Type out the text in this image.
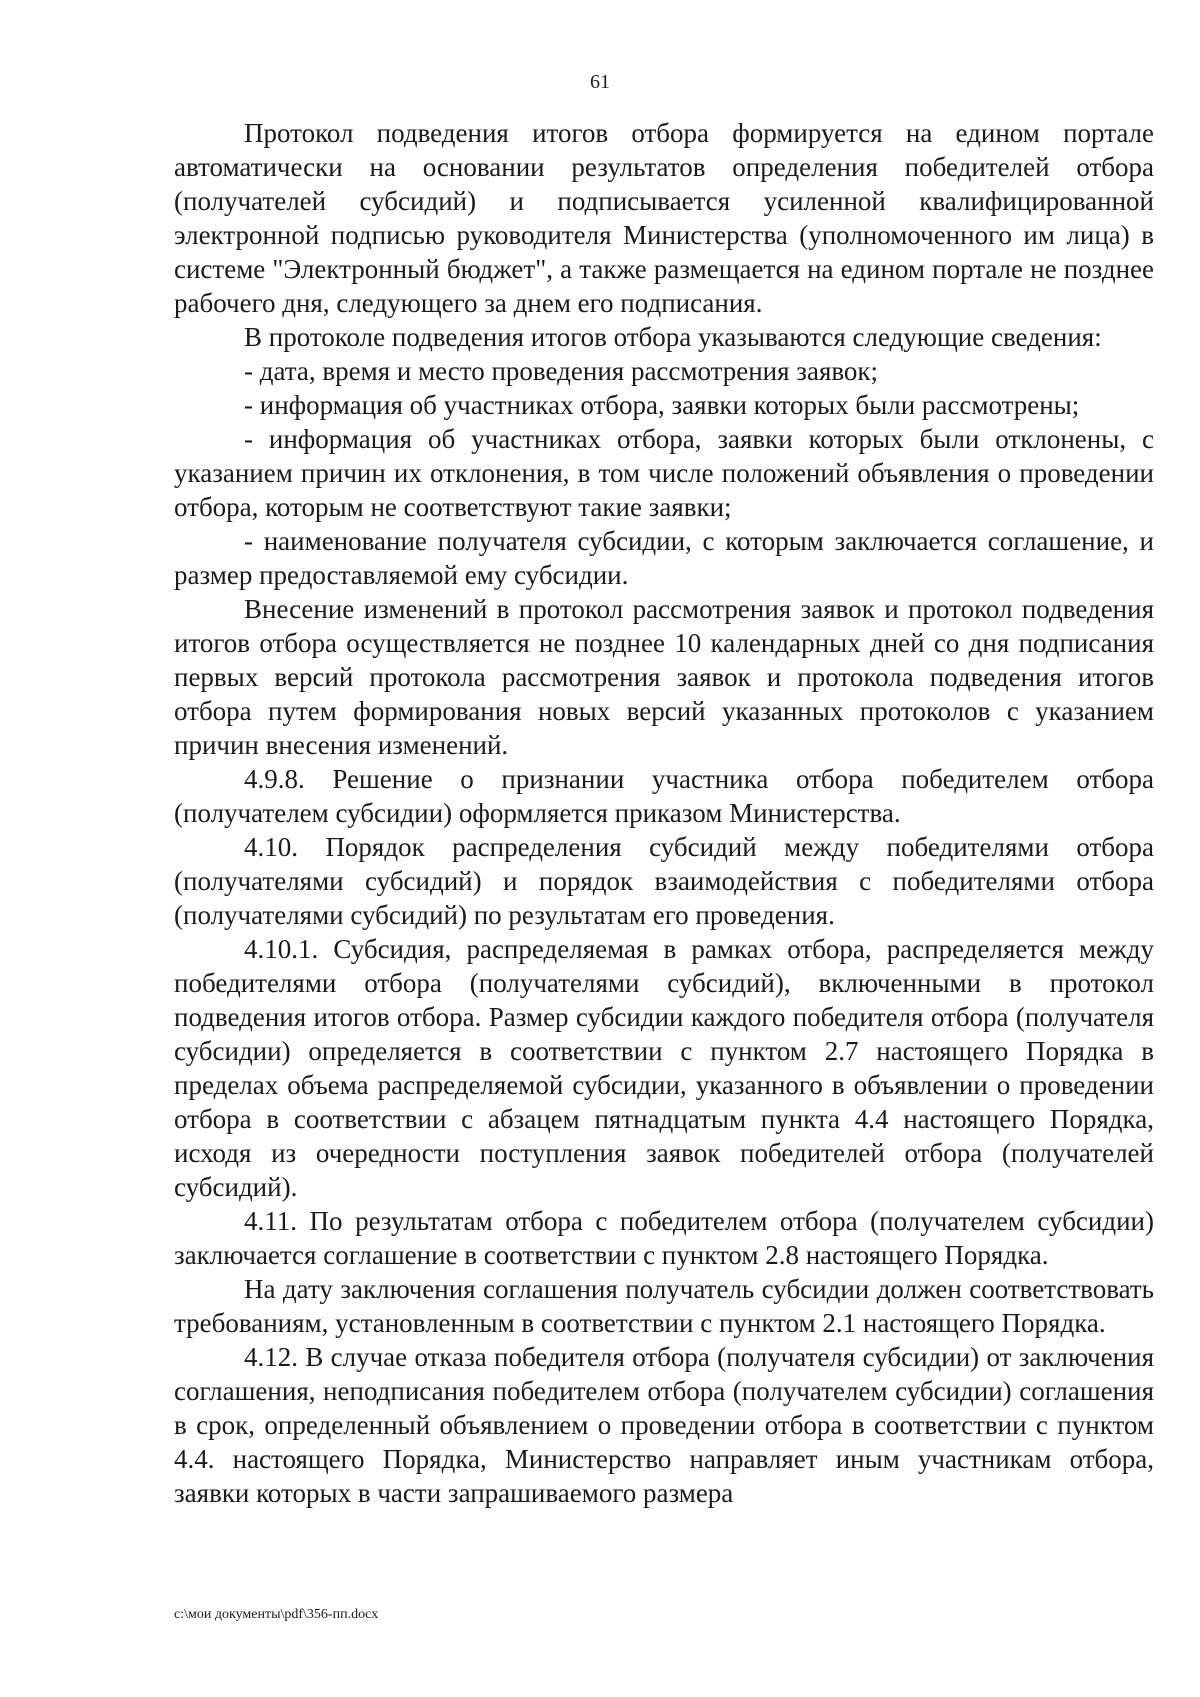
61

Протокол подведения итогов отбора формируется на едином портале автоматически на основании результатов определения победителей отбора (получателей субсидий) и подписывается усиленной квалифицированной электронной подписью руководителя Министерства (уполномоченного им лица) в системе "Электронный бюджет", а также размещается на едином портале не позднее рабочего дня, следующего за днем его подписания.

В протоколе подведения итогов отбора указываются следующие сведения:

- дата, время и место проведения рассмотрения заявок;

- информация об участниках отбора, заявки которых были рассмотрены;

- информация об участниках отбора, заявки которых были отклонены, с указанием причин их отклонения, в том числе положений объявления о проведении отбора, которым не соответствуют такие заявки;

- наименование получателя субсидии, с которым заключается соглашение, и размер предоставляемой ему субсидии.

Внесение изменений в протокол рассмотрения заявок и протокол подведения итогов отбора осуществляется не позднее 10 календарных дней со дня подписания первых версий протокола рассмотрения заявок и протокола подведения итогов отбора путем формирования новых версий указанных протоколов с указанием причин внесения изменений.

4.9.8. Решение о признании участника отбора победителем отбора (получателем субсидии) оформляется приказом Министерства.

4.10. Порядок распределения субсидий между победителями отбора (получателями субсидий) и порядок взаимодействия с победителями отбора (получателями субсидий) по результатам его проведения.

4.10.1. Субсидия, распределяемая в рамках отбора, распределяется между победителями отбора (получателями субсидий), включенными в протокол подведения итогов отбора. Размер субсидии каждого победителя отбора (получателя субсидии) определяется в соответствии с пунктом 2.7 настоящего Порядка в пределах объема распределяемой субсидии, указанного в объявлении о проведении отбора в соответствии с абзацем пятнадцатым пункта 4.4 настоящего Порядка, исходя из очередности поступления заявок победителей отбора (получателей субсидий).

4.11. По результатам отбора с победителем отбора (получателем субсидии) заключается соглашение в соответствии с пунктом 2.8 настоящего Порядка.

На дату заключения соглашения получатель субсидии должен соответствовать требованиям, установленным в соответствии с пунктом 2.1 настоящего Порядка.

4.12. В случае отказа победителя отбора (получателя субсидии) от заключения соглашения, неподписания победителем отбора (получателем субсидии) соглашения в срок, определенный объявлением о проведении отбора в соответствии с пунктом 4.4. настоящего Порядка, Министерство направляет иным участникам отбора, заявки которых в части запрашиваемого размера

c:\мои документы\pdf\356-пп.docx
